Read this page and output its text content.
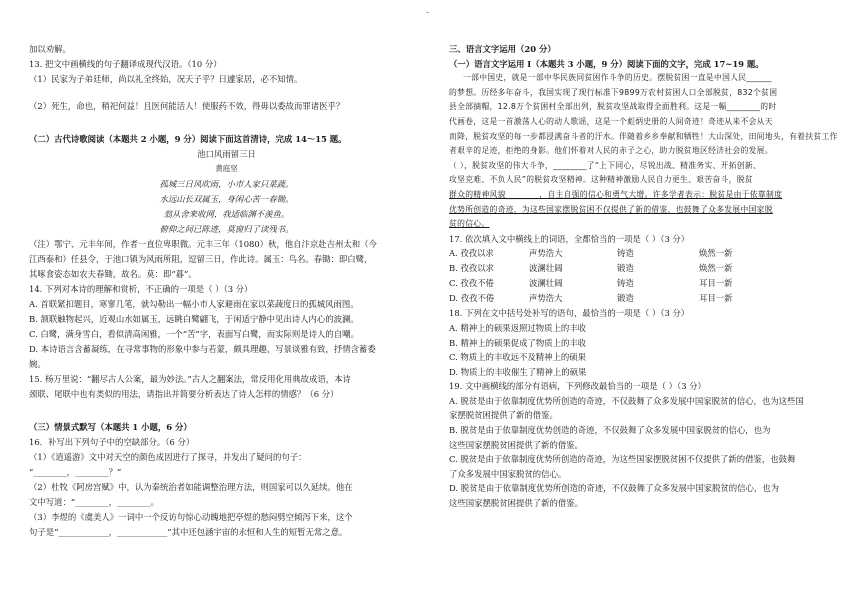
-
加以劝解。
13. 把文中画横线的句子翻译成现代汉语。（10 分）
（1）民家为子弟廷师，尚以礼全终始，况天子乎？日遽家居，必不知情。
（2）死生，命也，稍祀何益！且医何能活人！使服药不效，得毋以委故而罪诸医乎？
（二）古代诗歌阅读（本题共 2 小题，9 分）阅读下面这首清诗，完成 14～15 题。
池口风雨留三日
黄庭坚
孤城三日风吹雨，小市人家只菜蔬。
水远山长双属玉，身闲心苦一春锄。
翁从舍来收网，我适临渊不羡鱼。
俯仰之间已陈迹，莫窗归了读残书。
（注）鄂宁、元丰年间，作者一直位卑职微。元丰三年（1080）秋，他自汴京赴吉州太和（今
江西泰和）任县令，于池口镇为风雨所阻，逗留三日，作此诗。属玉：鸟名。春锄：即白鹭，
其啄食姿态如农夫春锄，故名。莫：即“暮”。
14. 下列对本诗的理解和赏析，不正确的一项是（ ）（3 分）
A. 首联紧扣题目，寒寥几笔，就勾勒出一幅小市人家避雨在家以菜蔬度日的孤城风雨图。
B. 颔联触物起兴，近观山水如属玉，远眺白鹭翩飞，于闲适宁静中见出诗人内心的波澜。
C. 白鹭，满身雪白，看似清高闲雅，一个“苦”字，表面写白鹭，而实际则是诗人的自嘲。
D. 本诗语言含蓄凝练，在寻常事物的形象中参与若蒙，颇具理趣，写景谈雅有致，抒情含蓄委
婉。
15. 杨万里说：“翻尽古人公案，最为妙法。”古人之翻案法，常反用化用典故成语，本诗
颈联、尾联中也有类似的用法，请指出并简要分析表达了诗人怎样的情感？（6 分）
（三）情景式默写（本题共 1 小题，6 分）
16．补写出下列句子中的空缺部分。（6 分）
（1）《逍遥游》文中对天空的颜色成因进行了探寻，并发出了疑问的句子：
“________，________？”
（2）杜牧《阿房宫赋》中，认为秦统治者如能调整治理方法，则国家可以久延续。他在
文中写道：“________，________。
（3）李煜的《虞美人》一词中一个反访句惊心动魄地把亭煜的愁闷劈空倾泻下来，这个
句子是“____________，____________”其中还包涵宇宙的永恒和人生的短暂无常之意。
三、语言文字运用（20 分）
（一）语言文字运用 I（本题共 3 小题，9 分）阅读下面的文字，完成 17~19 题。
一部中国史，就是一部中华民族同贫困作斗争的历史。摆脱贫困一直是中国人民______
的梦想。历经多年奋斗，我国实现了现行标准下9899万农村贫困人口全部脱贫，832个贫困
县全部摘帽，12.8万个贫困村全部出列，脱贫攻坚战取得全面胜利。这是一幅________的时
代画卷，这是一首激荡人心的动人歌谣，这是一个彪炳史册的人间奇迹！奇迹从来不会从天
而降，脱贫攻坚的每一步都浸满奋斗者的汗水。伴随着乡乡奉献和牺牲！大山深处，田间地头，有着扶贫工作
者艰辛的足迹，拒绝的身影。他们怀着对人民的赤子之心，助力脱贫地区经济社会的发展。
（ ），脱贫攻坚的伟大斗争，________了“上下同心，尽锐出战、精准务实、开拓创新、
攻坚克难、不负人民”的脱贫攻坚精神。这种精神激励人民自力更生、艰苦奋斗，脱贫
群众的精神风貌________，自主自强的信心和勇气大增。许多学者表示：脱贫是由于依靠制度
优势所创造的奇迹，为这些国家摆脱贫困不仅提供了新的借鉴，也鼓舞了众多发展中国家脱
贫的信心。
17. 依次填入文中横线上的词语，全都恰当的一项是（ ）（3 分）
A. 孜孜以求	声势浩大	铸造	焕然一新
B. 孜孜以求	波澜壮阔	锻造	焕然一新
C. 孜孜不倦	波澜壮阔	铸造	耳目一新
D. 孜孜不倦	声势浩大	锻造	耳目一新
18. 下列在文中括号处补写的语句，最恰当的一项是（ ）（3 分）
A. 精神上的硕果返照过物质上的丰收
B. 精神上的硕果促成了物质上的丰收
C. 物质上的丰收远不及精神上的硕果
D. 物质上的丰收催生了精神上的硕果
19. 文中画横线的部分有语病，下列修改最恰当的一项是（ ）（3 分）
A. 脱贫是由于依靠制度优势所创造的奇迹，不仅鼓舞了众多发展中国家脱贫的信心，也为这些国
家摆脱贫困提供了新的借鉴。
B. 脱贫是由于依靠制度优势创造的奇迹，不仅鼓舞了众多发展中国家脱贫的信心，也为
这些国家摆脱贫困提供了新的借鉴。
C. 脱贫是由于依靠制度优势所创造的奇迹，为这些国家摆脱贫困不仅提供了新的借鉴，也鼓舞
了众多发展中国家脱贫的信心。
D. 脱贫是由于依靠制度优势所创造的奇迹，不仅鼓舞了众多发展中国家脱贫的信心，也为
这些国家摆脱贫困提供了新的借鉴。
